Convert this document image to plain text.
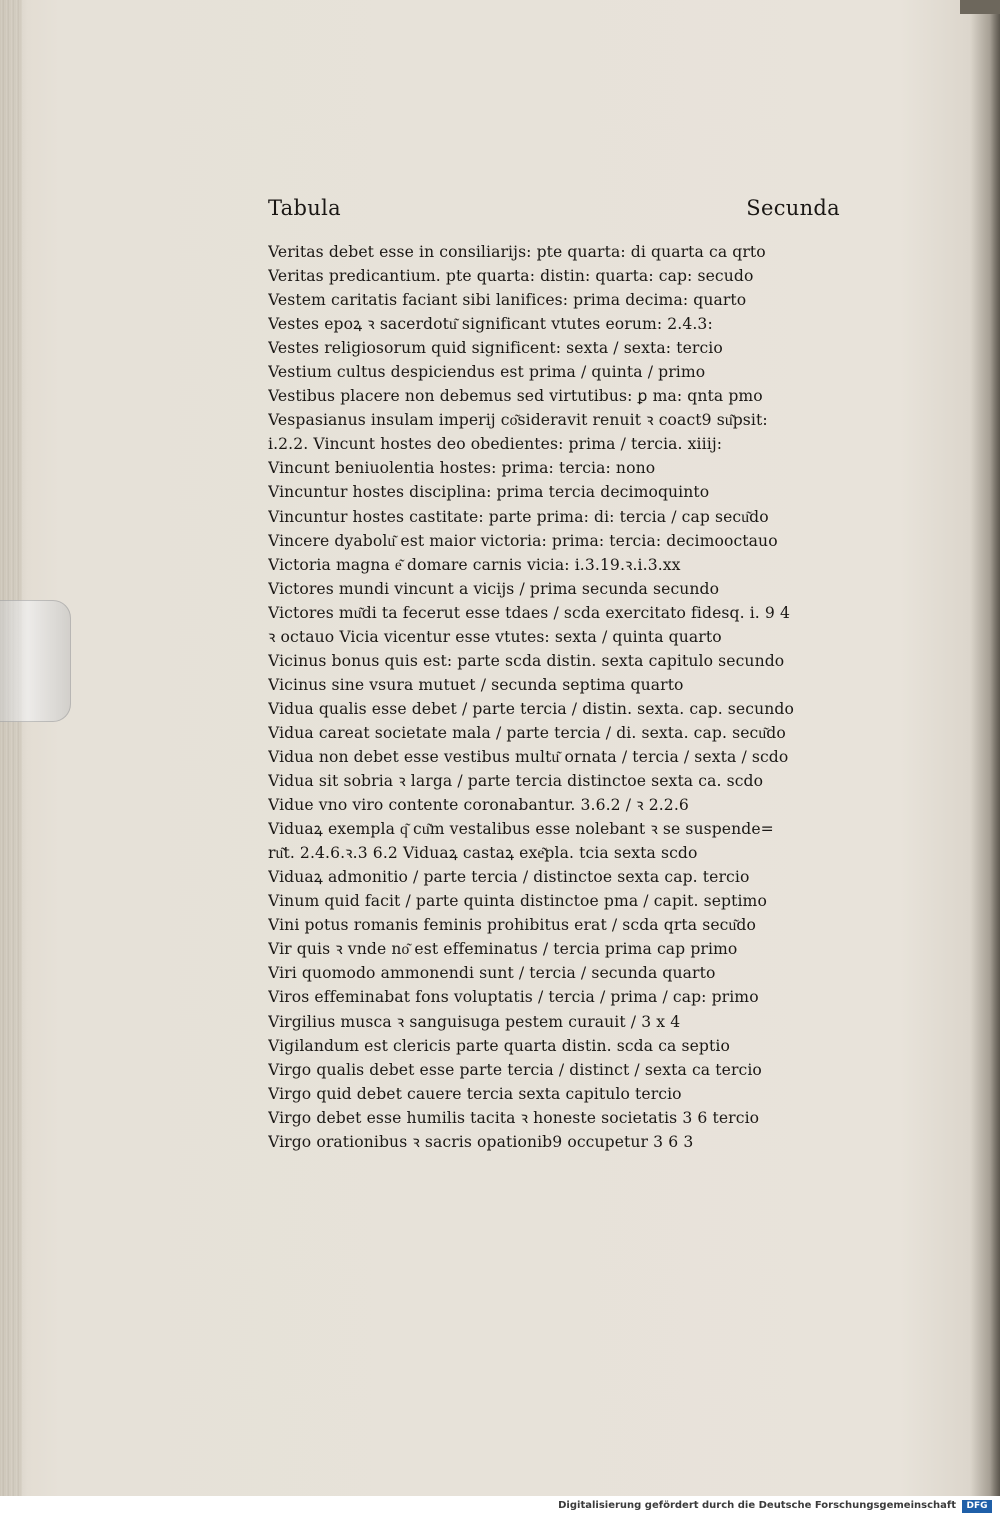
Tabula	Secunda
Veritas debet esse in consiliarijs: pte quarta: di quarta ca qrto
Veritas predicantium. pte quarta: distin: quarta: cap: secudo
Vestem caritatis faciant sibi lanifices: prima decima: quarto
Vestes epoꝝ ꝛ sacerdotu͂ significant vtutes eorum: 2.4.3:
Vestes religiosorum quid significent: sexta / sexta: tercio
Vestium cultus despiciendus est prima / quinta / primo
Vestibus placere non debemus sed virtutibus: ꝑ ma: qnta pmo
Vespasianus insulam imperij co͂sideravit renuit ꝛ coact9 su͂psit:
i.2.2. Vincunt hostes deo obedientes: prima / tercia. xiiij:
Vincunt beniuolentia hostes: prima: tercia: nono
Vincuntur hostes disciplina: prima tercia decimoquinto
Vincuntur hostes castitate: parte prima: di: tercia / cap secu͂do
Vincere dyabolu͂ est maior victoria: prima: tercia: decimooctauo
Victoria magna e͂ domare carnis vicia: i.3.19.ꝛ.i.3.xx
Victores mundi vincunt a vicijs / prima secunda secundo
Victores mu͂di ta fecerut esse tdaes / scda exercitato fidesq. i. 9 4
ꝛ octauo Vicia vicentur esse vtutes: sexta / quinta quarto
Vicinus bonus quis est: parte scda distin. sexta capitulo secundo
Vicinus sine vsura mutuet / secunda septima quarto
Vidua qualis esse debet / parte tercia / distin. sexta. cap. secundo
Vidua careat societate mala / parte tercia / di. sexta. cap. secu͂do
Vidua non debet esse vestibus multu͂ ornata / tercia / sexta / scdo
Vidua sit sobria ꝛ larga / parte tercia distinctoe sexta ca. scdo
Vidue vno viro contente coronabantur. 3.6.2 / ꝛ 2.2.6
Viduaꝝ exempla q͂ cu͂m vestalibus esse nolebant ꝛ se suspende=
ru͂t. 2.4.6.ꝛ.3 6.2 Viduaꝝ castaꝝ exe͂pla. tcia sexta scdo
Viduaꝝ admonitio / parte tercia / distinctoe sexta cap. tercio
Vinum quid facit / parte quinta distinctoe pma / capit. septimo
Vini potus romanis feminis prohibitus erat / scda qrta secu͂do
Vir quis ꝛ vnde no͂ est effeminatus / tercia prima cap primo
Viri quomodo ammonendi sunt / tercia / secunda quarto
Viros effeminabat fons voluptatis / tercia / prima / cap: primo
Virgilius musca ꝛ sanguisuga pestem curauit / 3 x 4
Vigilandum est clericis parte quarta distin. scda ca septio
Virgo qualis debet esse parte tercia / distinct / sexta ca tercio
Virgo quid debet cauere tercia sexta capitulo tercio
Virgo debet esse humilis tacita ꝛ honeste societatis 3 6 tercio
Virgo orationibus ꝛ sacris opationib9 occupetur 3 6 3
Digitalisierung gefördert durch die Deutsche Forschungsgemeinschaft	DFG
